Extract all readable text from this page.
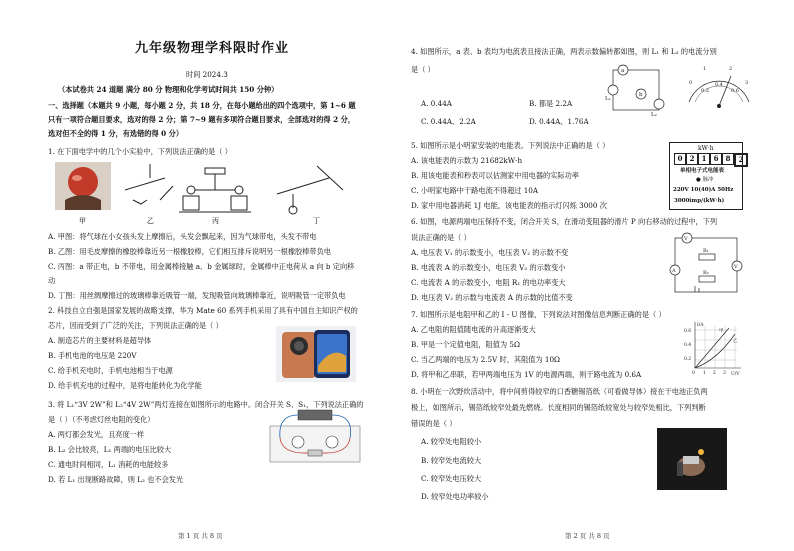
九年级物理学科限时作业
时间 2024.3
（本试卷共 24 道题 满分 80 分 物理和化学考试时间共 150 分钟）
一、选择题（本题共 9 小题，每小题 2 分，共 18 分，在每小题给出的四个选项中，第 1~6 题
只有一项符合题目要求，选对的得 2 分；第 7~9 题有多项符合题目要求，全部选对的得 2 分，
选对但不全的得 1 分，有选错的得 0 分）
1. 在下面电学中的几个小实验中，下列说法正确的是（ ）
甲	乙	丙	丁
A. 甲图：将气球在小女孩头发上摩擦后，头发会飘起来，因为气球带电，头发不带电
B. 乙图：用毛皮摩擦的橡胶棒靠近另一根橡胶棒，它们相互排斥说明另一根橡胶棒带负电
C. 丙图：a 带正电，b 不带电，用金属棒接触 a、b 金属球时，金属棒中正电荷从 a 向 b 定向移
动
D. 丁图：用丝绸摩擦过的玻璃棒靠近吸管一端，发现吸管向玻璃棒靠近，说明吸管一定带负电
2. 科技自立自强是国家发展的战略支撑，华为 Mate 60 系列手机采用了具有中国自主知识产权的
芯片，因而受到了广泛的关注，下列说法正确的是（ ）
A. 制造芯片的主要材料是超导体
B. 手机电池的电压是 220V
C. 给手机充电时，手机电池相当于电源
D. 给手机充电的过程中，是将电能转化为化学能
3. 将 L₁“3V 2W”和 L₂“4V 2W”两灯连接在如图所示的电路中。闭合开关 S、S₁，下列说法正确的
是（ ）（不考虑灯丝电阻的变化）
A. 两灯都会发光，且亮度一样
B. L₂ 会比较亮，L₁ 两端的电压比较大
C. 通电时间相同，L₁ 消耗的电能较多
D. 若 L₁ 出现断路故障，则 L₂ 也不会发光
第 1 页 共 8 页
4. 如图所示，a 表、b 表均为电流表且接法正确，两表示数偏转都如图，则 L₁ 和 L₂ 的电流分别
是（ ）	a
b
L₁
L₂
0
1	2
3
0.2
0.4
0.6
A. 0.44A	B. 都是 2.2A
C. 0.44A、2.2A	D. 0.44A、1.76A
5. 如图所示是小明家安装的电能表。下列说法中正确的是（ ）
A. 该电能表的示数为 21682kW·h
B. 用该电能表和秒表可以估测家中用电器的实际功率
C. 小明家电路中干路电流不得超过 10A
D. 家中用电器消耗 1J 电能，该电能表的指示灯闪烁 3000 次
kW·h
0	2	1	6	8	2
单相电子式电能表
● 脉冲
220V 10(40)A 50Hz
3000imp/(kW·h)
6. 如图，电源两端电压保持不变，闭合开关 S，在滑动变阻器的滑片 P 向右移动的过程中，下列
说法正确的是（ ）
A. 电压表 V₁ 的示数变小，电压表 V₂ 的示数不变
B. 电流表 A 的示数变小，电压表 V₂ 的示数变小
C. 电流表 A 的示数变小，电阻 R₁ 的电功率变大
D. 电压表 V₂ 的示数与电流表 A 的示数的比值不变
V
A
V
R₁
R₂
7. 如图所示是电阻甲和乙的 I - U 图像，下列说法对图像信息判断正确的是（ ）
A. 乙电阻的阻值随电流的升高逐渐变大
B. 甲是一个定值电阻，阻值为 5Ω
C. 当乙两端的电压为 2.5V 时，其阻值为 10Ω
D. 将甲和乙串联，若甲两端电压为 1V 的电源两端，则干路电流为 0.6A
I/A
U/V
0.6
0.4
0.2
0 1 2 3
甲
乙
8. 小明在一次野炊活动中，将中间剪得较窄的口香糖锡箔纸（可看做导体）接在干电池正负两
极上，如图所示，锡箔纸较窄处最先燃烧。长度相同的锡箔纸较宽处与较窄处相比，下列判断
错误的是（ ）
A. 较窄处电阻较小
B. 较窄处电流较大
C. 较窄处电压较大
D. 较窄处电功率较小
第 2 页 共 8 页
